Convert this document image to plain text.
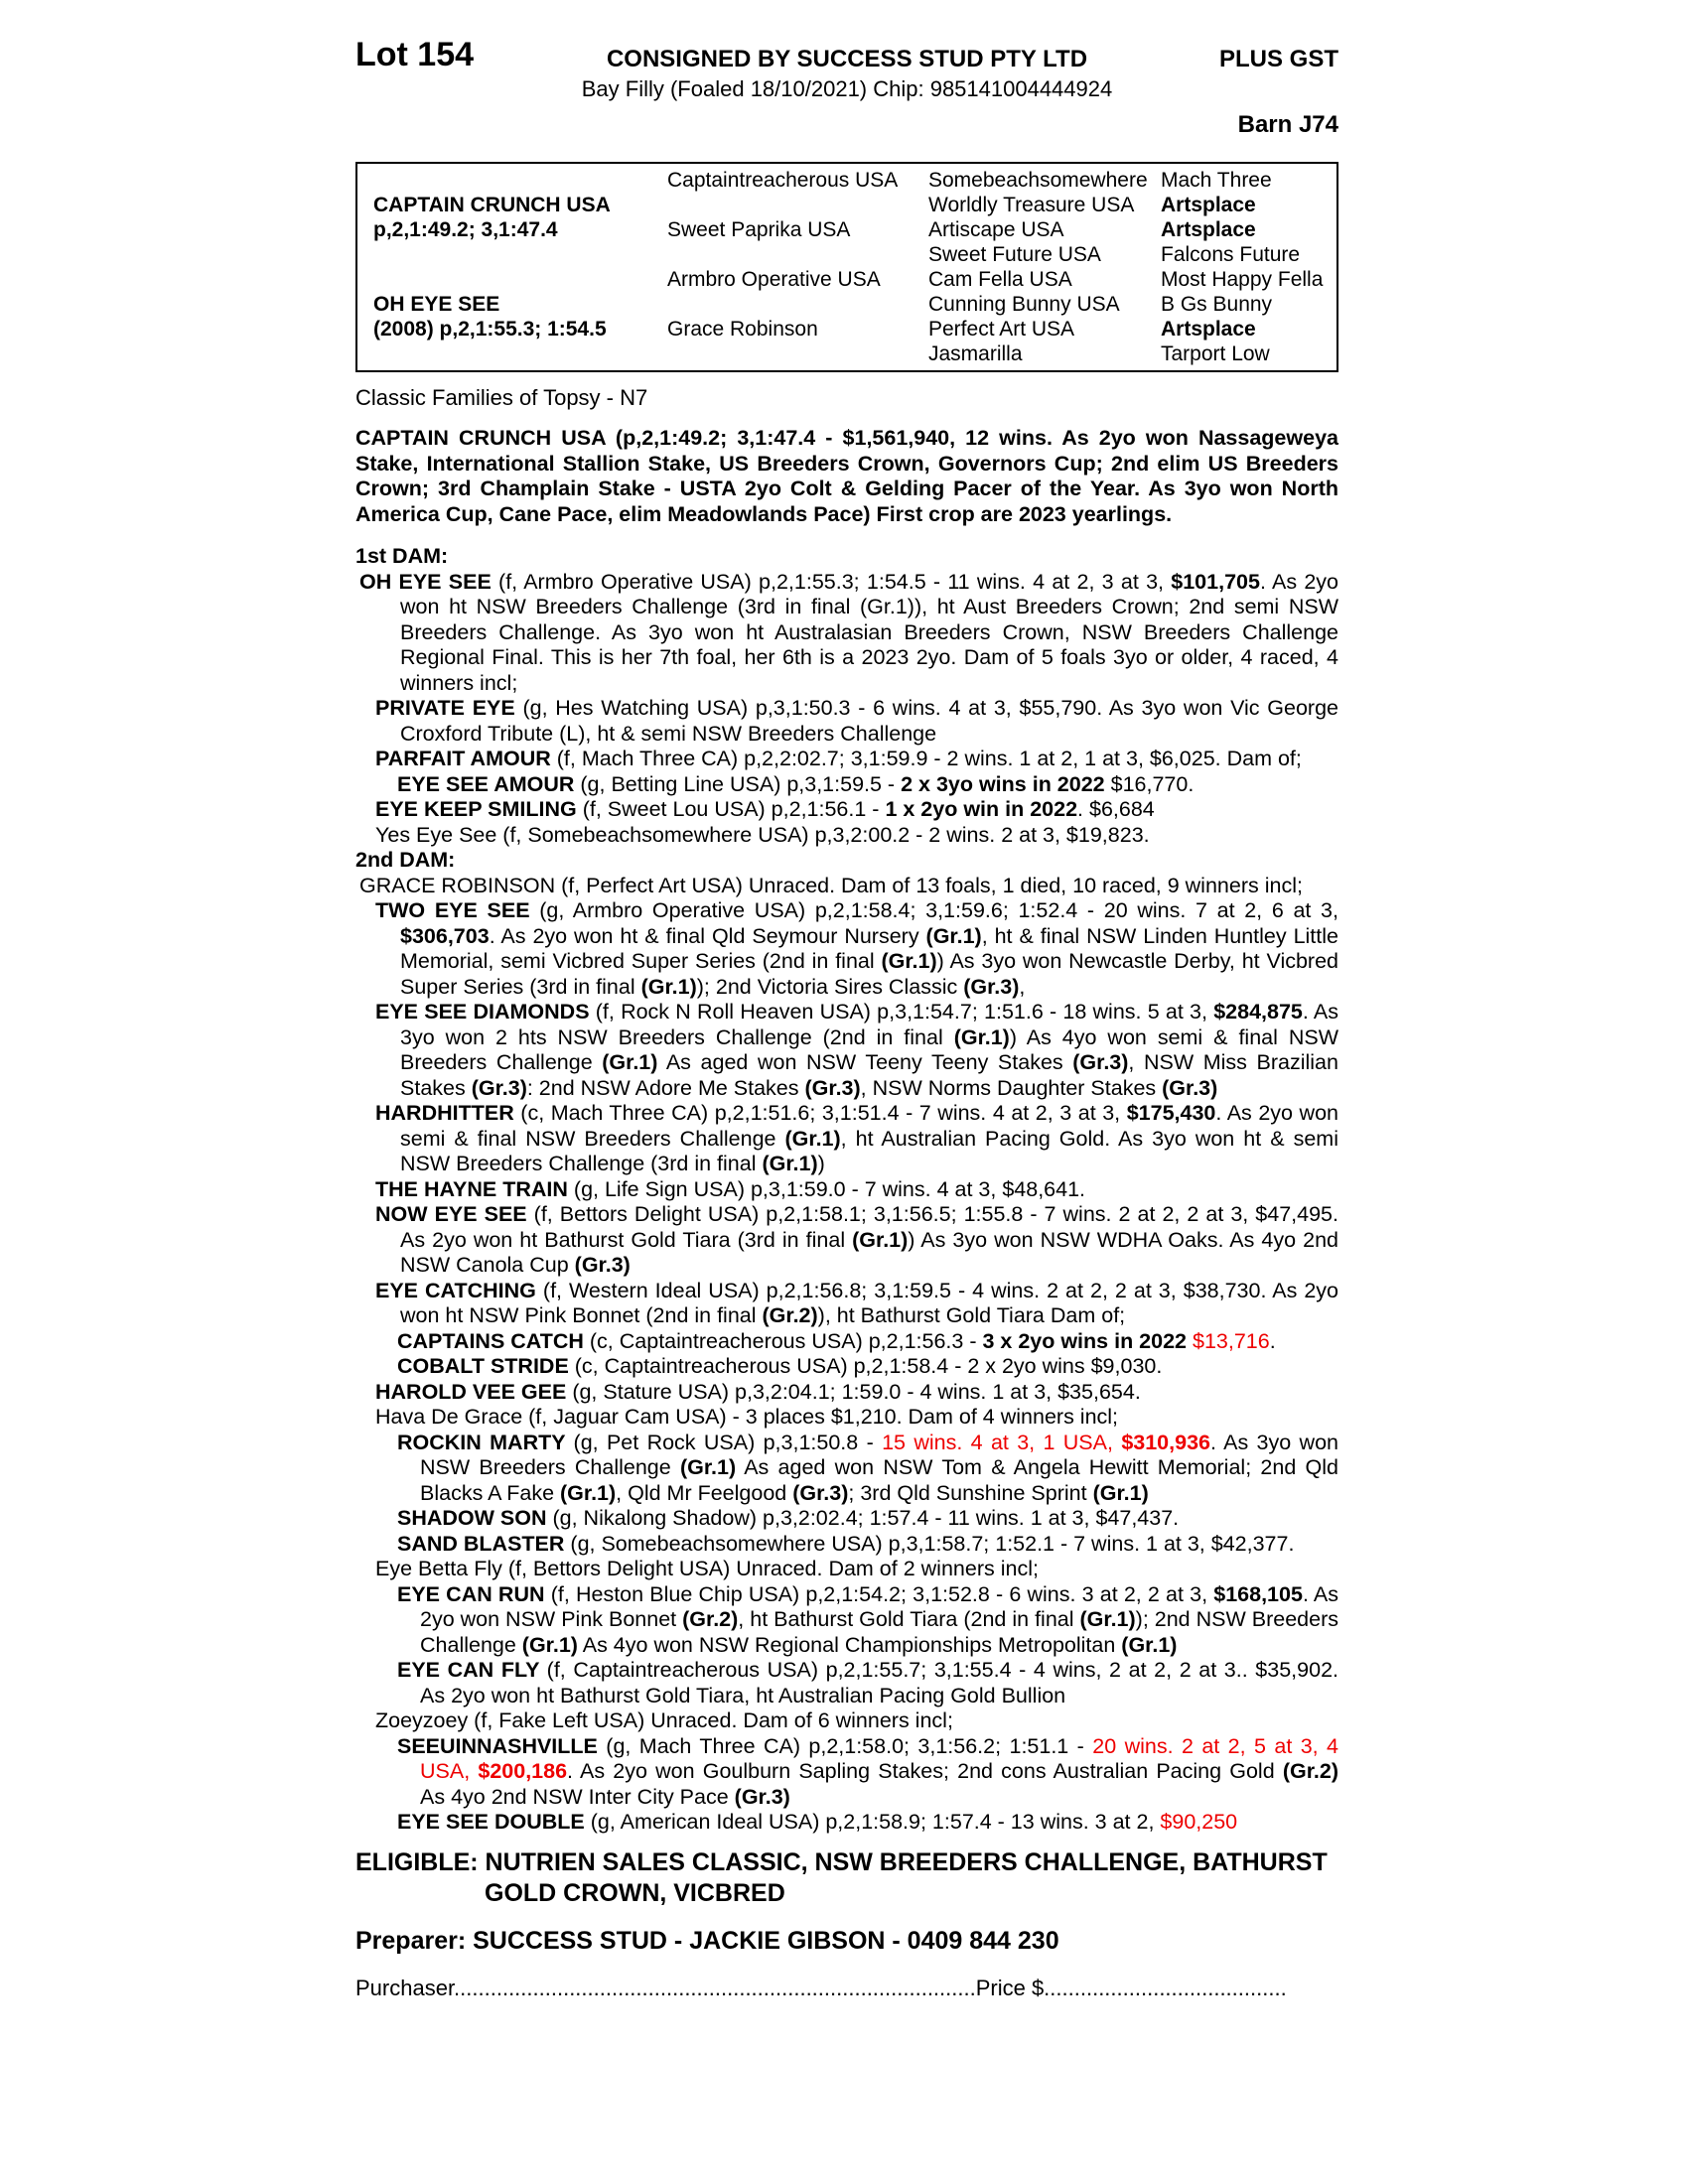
Lot 154	CONSIGNED BY SUCCESS STUD PTY LTD	PLUS GST
Bay Filly (Foaled 18/10/2021) Chip: 985141004444924
Barn J74

CAPTAIN CRUNCH USA
p,2,1:49.2; 3,1:47.4

OH EYE SEE
(2008) p,2,1:55.3; 1:54.5

Captaintreacherous USA

Sweet Paprika USA

Armbro Operative USA

Grace Robinson

Somebeachsomewhere
Worldly Treasure USA
Artiscape USA
Sweet Future USA
Cam Fella USA
Cunning Bunny USA
Perfect Art USA
Jasmarilla
Mach Three
Artsplace
Artsplace
Falcons Future
Most Happy Fella
B Gs Bunny
Artsplace
Tarport Low
Classic Families of Topsy - N7
CAPTAIN CRUNCH USA (p,2,1:49.2; 3,1:47.4 - $1,561,940, 12 wins. As 2yo won Nassageweya Stake, International Stallion Stake, US Breeders Crown, Governors Cup; 2nd elim US Breeders Crown; 3rd Champlain Stake - USTA 2yo Colt & Gelding Pacer of the Year. As 3yo won North America Cup, Cane Pace, elim Meadowlands Pace) First crop are 2023 yearlings.
1st DAM:
OH EYE SEE (f, Armbro Operative USA) p,2,1:55.3; 1:54.5 - 11 wins. 4 at 2, 3 at 3, $101,705. As 2yo won ht NSW Breeders Challenge (3rd in final (Gr.1)), ht Aust Breeders Crown; 2nd semi NSW Breeders Challenge. As 3yo won ht Australasian Breeders Crown, NSW Breeders Challenge Regional Final. This is her 7th foal, her 6th is a 2023 2yo. Dam of 5 foals 3yo or older, 4 raced, 4 winners incl;
PRIVATE EYE (g, Hes Watching USA) p,3,1:50.3 - 6 wins. 4 at 3, $55,790. As 3yo won Vic George Croxford Tribute (L), ht & semi NSW Breeders Challenge
PARFAIT AMOUR (f, Mach Three CA) p,2,2:02.7; 3,1:59.9 - 2 wins. 1 at 2, 1 at 3, $6,025. Dam of;
EYE SEE AMOUR (g, Betting Line USA) p,3,1:59.5 - 2 x 3yo wins in 2022 $16,770.
EYE KEEP SMILING (f, Sweet Lou USA) p,2,1:56.1 - 1 x 2yo win in 2022. $6,684
Yes Eye See (f, Somebeachsomewhere USA) p,3,2:00.2 - 2 wins. 2 at 3, $19,823.
2nd DAM:
GRACE ROBINSON (f, Perfect Art USA) Unraced. Dam of 13 foals, 1 died, 10 raced, 9 winners incl;
TWO EYE SEE (g, Armbro Operative USA) p,2,1:58.4; 3,1:59.6; 1:52.4 - 20 wins. 7 at 2, 6 at 3, $306,703. As 2yo won ht & final Qld Seymour Nursery (Gr.1), ht & final NSW Linden Huntley Little Memorial, semi Vicbred Super Series (2nd in final (Gr.1)) As 3yo won Newcastle Derby, ht Vicbred Super Series (3rd in final (Gr.1)); 2nd Victoria Sires Classic (Gr.3),
EYE SEE DIAMONDS (f, Rock N Roll Heaven USA) p,3,1:54.7; 1:51.6 - 18 wins. 5 at 3, $284,875. As 3yo won 2 hts NSW Breeders Challenge (2nd in final (Gr.1)) As 4yo won semi & final NSW Breeders Challenge (Gr.1) As aged won NSW Teeny Teeny Stakes (Gr.3), NSW Miss Brazilian Stakes (Gr.3): 2nd NSW Adore Me Stakes (Gr.3), NSW Norms Daughter Stakes (Gr.3)
HARDHITTER (c, Mach Three CA) p,2,1:51.6; 3,1:51.4 - 7 wins. 4 at 2, 3 at 3, $175,430. As 2yo won semi & final NSW Breeders Challenge (Gr.1), ht Australian Pacing Gold. As 3yo won ht & semi NSW Breeders Challenge (3rd in final (Gr.1))
THE HAYNE TRAIN (g, Life Sign USA) p,3,1:59.0 - 7 wins. 4 at 3, $48,641.
NOW EYE SEE (f, Bettors Delight USA) p,2,1:58.1; 3,1:56.5; 1:55.8 - 7 wins. 2 at 2, 2 at 3, $47,495. As 2yo won ht Bathurst Gold Tiara (3rd in final (Gr.1)) As 3yo won NSW WDHA Oaks. As 4yo 2nd NSW Canola Cup (Gr.3)
EYE CATCHING (f, Western Ideal USA) p,2,1:56.8; 3,1:59.5 - 4 wins. 2 at 2, 2 at 3, $38,730. As 2yo won ht NSW Pink Bonnet (2nd in final (Gr.2)), ht Bathurst Gold Tiara Dam of;
CAPTAINS CATCH (c, Captaintreacherous USA) p,2,1:56.3 - 3 x 2yo wins in 2022 $13,716.
COBALT STRIDE (c, Captaintreacherous USA) p,2,1:58.4 - 2 x 2yo wins $9,030.
HAROLD VEE GEE (g, Stature USA) p,3,2:04.1; 1:59.0 - 4 wins. 1 at 3, $35,654.
Hava De Grace (f, Jaguar Cam USA) - 3 places $1,210. Dam of 4 winners incl;
ROCKIN MARTY (g, Pet Rock USA) p,3,1:50.8 - 15 wins. 4 at 3, 1 USA, $310,936. As 3yo won NSW Breeders Challenge (Gr.1) As aged won NSW Tom & Angela Hewitt Memorial; 2nd Qld Blacks A Fake (Gr.1), Qld Mr Feelgood (Gr.3); 3rd Qld Sunshine Sprint (Gr.1)
SHADOW SON (g, Nikalong Shadow) p,3,2:02.4; 1:57.4 - 11 wins. 1 at 3, $47,437.
SAND BLASTER (g, Somebeachsomewhere USA) p,3,1:58.7; 1:52.1 - 7 wins. 1 at 3, $42,377.
Eye Betta Fly (f, Bettors Delight USA) Unraced. Dam of 2 winners incl;
EYE CAN RUN (f, Heston Blue Chip USA) p,2,1:54.2; 3,1:52.8 - 6 wins. 3 at 2, 2 at 3, $168,105. As 2yo won NSW Pink Bonnet (Gr.2), ht Bathurst Gold Tiara (2nd in final (Gr.1)); 2nd NSW Breeders Challenge (Gr.1) As 4yo won NSW Regional Championships Metropolitan (Gr.1)
EYE CAN FLY (f, Captaintreacherous USA) p,2,1:55.7; 3,1:55.4 - 4 wins, 2 at 2, 2 at 3.. $35,902. As 2yo won ht Bathurst Gold Tiara, ht Australian Pacing Gold Bullion
Zoeyzoey (f, Fake Left USA) Unraced. Dam of 6 winners incl;
SEEUINNASHVILLE (g, Mach Three CA) p,2,1:58.0; 3,1:56.2; 1:51.1 - 20 wins. 2 at 2, 5 at 3, 4 USA, $200,186. As 2yo won Goulburn Sapling Stakes; 2nd cons Australian Pacing Gold (Gr.2) As 4yo 2nd NSW Inter City Pace (Gr.3)
EYE SEE DOUBLE (g, American Ideal USA) p,2,1:58.9; 1:57.4 - 13 wins. 3 at 2, $90,250
ELIGIBLE: NUTRIEN SALES CLASSIC, NSW BREEDERS CHALLENGE, BATHURST
GOLD CROWN, VICBRED
Preparer: SUCCESS STUD - JACKIE GIBSON - 0409 844 230
Purchaser......................................................................................Price $........................................
